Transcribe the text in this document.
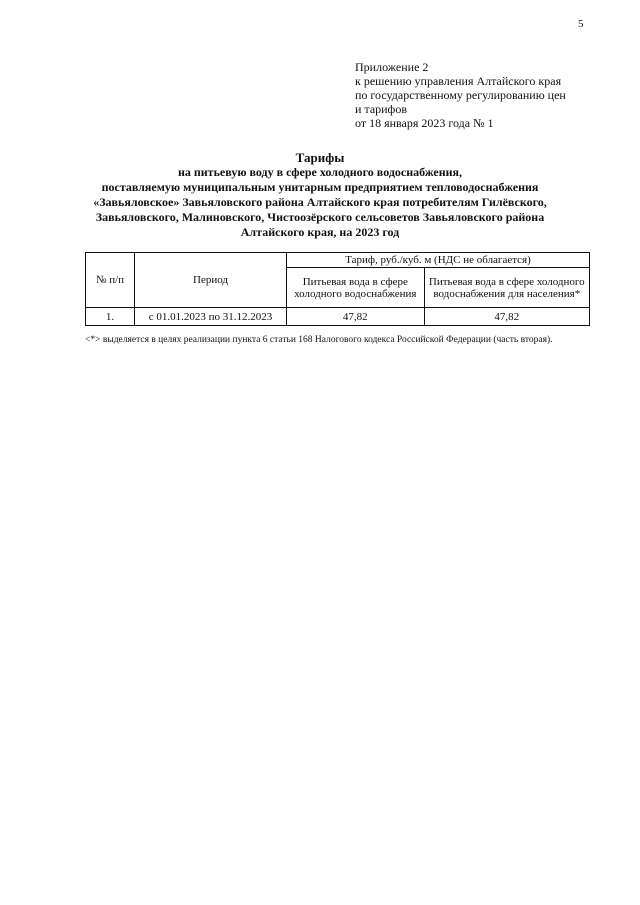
5
Приложение 2
к решению управления Алтайского края
по государственному регулированию цен
и тарифов
от 18 января 2023 года № 1
Тарифы
на питьевую воду в сфере холодного водоснабжения,
поставляемую муниципальным унитарным предприятием тепловодоснабжения
«Завьяловское» Завьяловского района Алтайского края потребителям Гилёвского,
Завьяловского, Малиновского, Чистоозёрского сельсоветов Завьяловского района
Алтайского края, на 2023 год
№ п/п	Период	Тариф, руб./куб. м (НДС не облагается)	
		Питьевая вода в сфере холодного водоснабжения	Питьевая вода в сфере холодного водоснабжения для населения*
1.	с 01.01.2023 по 31.12.2023	47,82	47,82
<*> выделяется в целях реализации пункта 6 статьи 168 Налогового кодекса Российской Федерации (часть вторая).
